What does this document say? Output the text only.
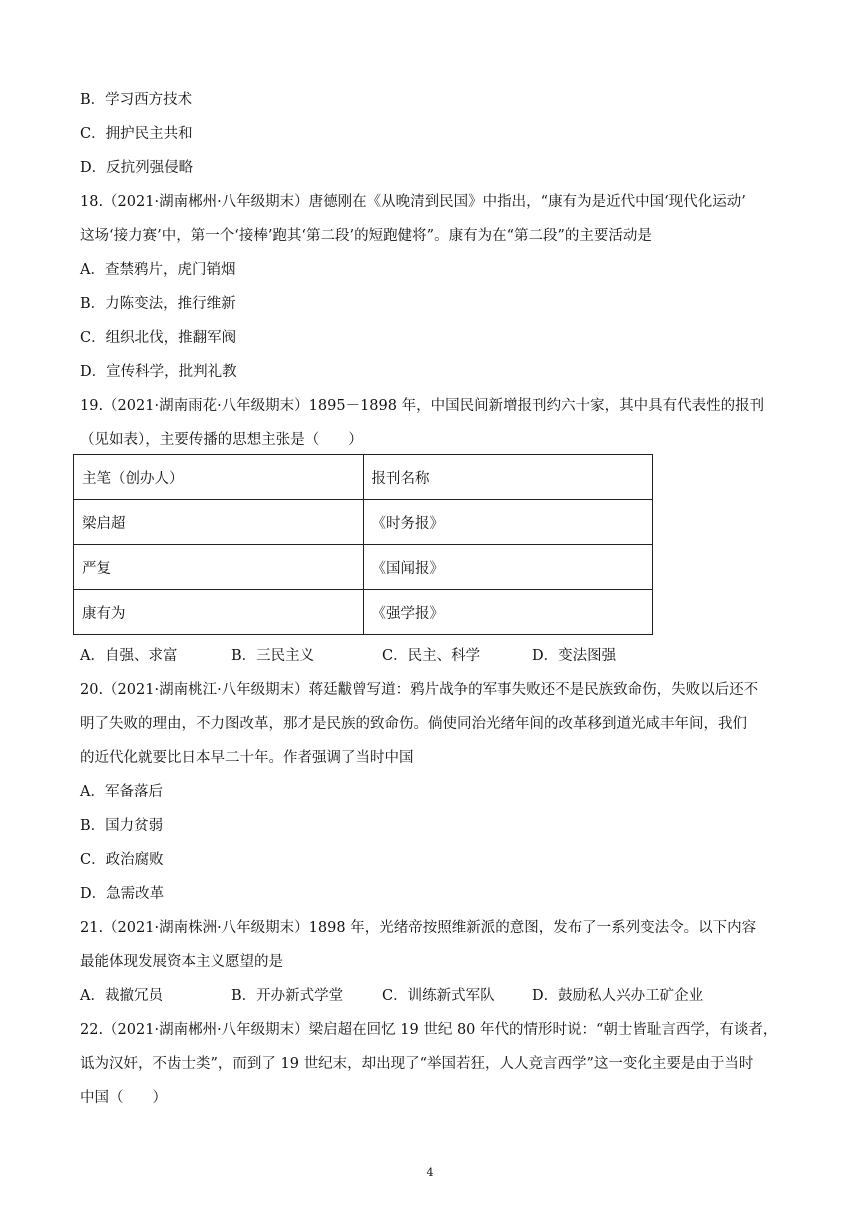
B．学习西方技术
C．拥护民主共和
D．反抗列强侵略
18.（2021·湖南郴州·八年级期末）唐德刚在《从晚清到民国》中指出，“康有为是近代中国‘现代化运动’
这场‘接力赛’中，第一个‘接棒’跑其‘第二段’的短跑健将”。康有为在“第二段”的主要活动是
A．查禁鸦片，虎门销烟
B．力陈变法，推行维新
C．组织北伐，推翻军阀
D．宣传科学，批判礼教
19.（2021·湖南雨花·八年级期末）1895－1898 年，中国民间新增报刊约六十家，其中具有代表性的报刊
（见如表），主要传播的思想主张是（　　）
主笔（创办人）	报刊名称
梁启超	《时务报》
严复	《国闻报》
康有为	《强学报》
A．自强、求富	B．三民主义	C．民主、科学	D．变法图强
20.（2021·湖南桃江·八年级期末）蒋廷黻曾写道：鸦片战争的军事失败还不是民族致命伤，失败以后还不
明了失败的理由，不力图改革，那才是民族的致命伤。倘使同治光绪年间的改革移到道光咸丰年间，我们
的近代化就要比日本早二十年。作者强调了当时中国
A．军备落后
B．国力贫弱
C．政治腐败
D．急需改革
21.（2021·湖南株洲·八年级期末）1898 年，光绪帝按照维新派的意图，发布了一系列变法令。以下内容
最能体现发展资本主义愿望的是
A．裁撤冗员	B．开办新式学堂	C．训练新式军队	D．鼓励私人兴办工矿企业
22.（2021·湖南郴州·八年级期末）梁启超在回忆 19 世纪 80 年代的情形时说：“朝士皆耻言西学，有谈者，
诋为汉奸，不齿士类”，而到了 19 世纪末，却出现了“举国若狂，人人竞言西学”这一变化主要是由于当时
中国（　　）
4
